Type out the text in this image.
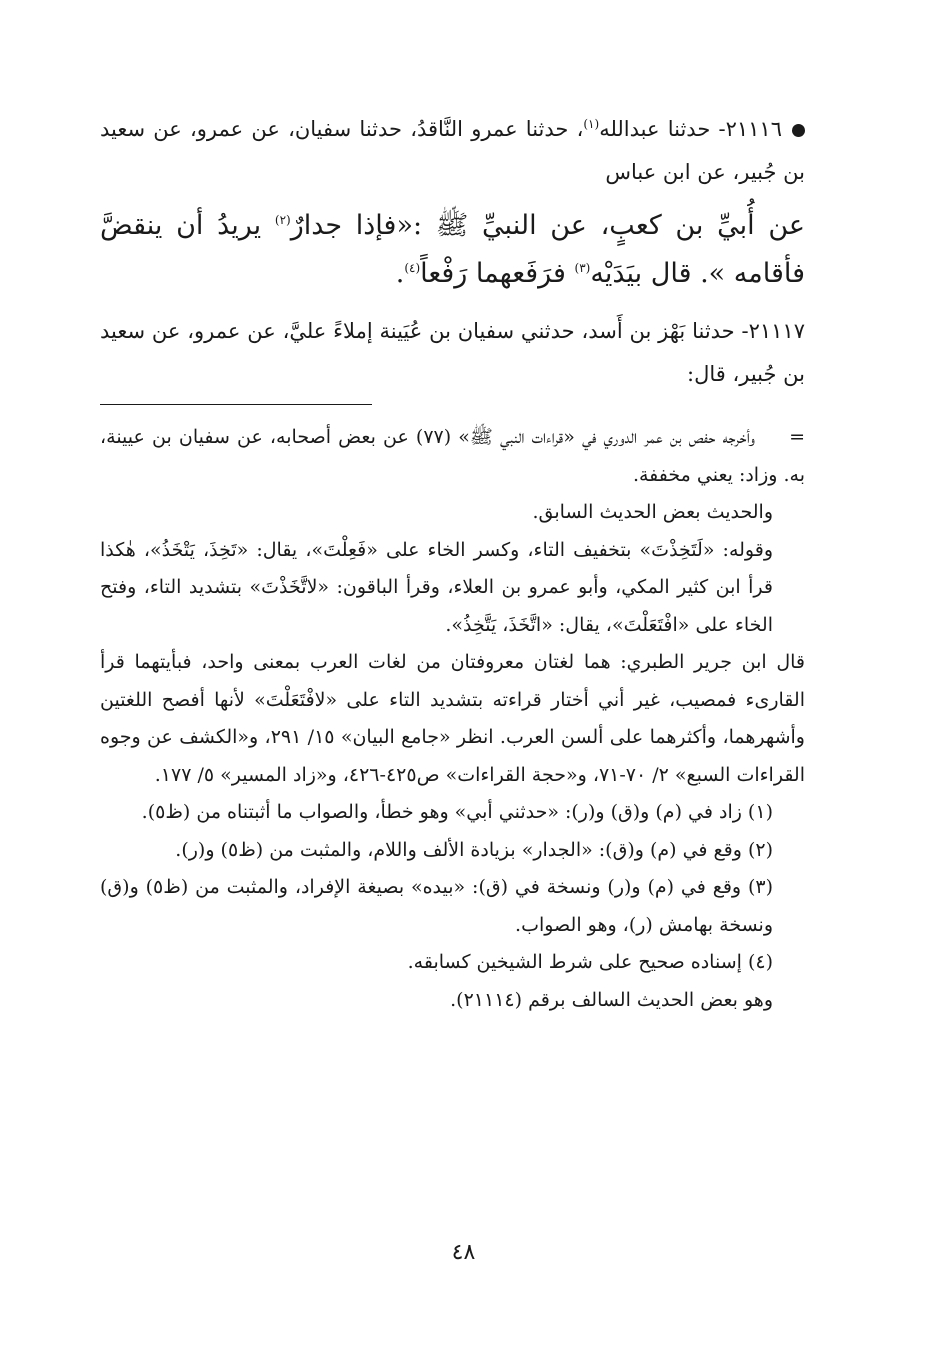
٢١١١٦- حدثنا عبدالله$^{(١)}$، حدثنا عمرو النَّاقدُ، حدثنا سفيان، عن عمرو، عن سعيد بن جُبير، عن ابن عباس

عن أُبيِّ بن كعبٍ، عن النبيِّ ﷺ :«فإذا جدارٌ$^{(٢)}$ يريدُ أن ينقضَّ فأقامه ». قال بيَدَيْه$^{(٣)}$ فرَفَعهما رَفْعاً$^{(٤)}$.

٢١١١٧- حدثنا بَهْز بن أَسد، حدثني سفيان بن عُيَينة إملاءً عليَّ، عن عمرو، عن سعيد بن جُبير، قال:

=وأخرجه حفص بن عمر الدوري في «قراءات النبي ﷺ» (٧٧) عن بعض أصحابه، عن سفيان بن عيينة، به. وزاد: يعني مخففة.

والحديث بعض الحديث السابق.

وقوله: «لَتَخِذْتَ» بتخفيف التاء، وكسر الخاء على «فَعِلْتَ»، يقال: «تَخِذَ، يَتْخَذُ»، هٰكذا قرأ ابن كثير المكي، وأبو عمرو بن العلاء، وقرأ الباقون: «لاتَّخَذْتَ» بتشديد التاء، وفتح الخاء على «افْتَعَلْتَ»، يقال: «اتَّخَذَ، يَتَّخِذُ».

قال ابن جرير الطبري: هما لغتان معروفتان من لغات العرب بمعنى واحد، فبأيتهما قرأ القارىء فمصيب، غير أني أختار قراءته بتشديد التاء على «لافْتَعَلْتَ» لأنها أفصح اللغتين وأشهرهما، وأكثرهما على ألسن العرب. انظر «جامع البيان» ١٥/ ٢٩١، و«الكشف عن وجوه القراءات السبع» ٢/ ٧٠-٧١، و«حجة القراءات» ص٤٢٥-٤٢٦، و«زاد المسير» ٥/ ١٧٧.

(١) زاد في (م) و(ق) و(ر): «حدثني أبي» وهو خطأ، والصواب ما أثبتناه من (ظ٥).

(٢) وقع في (م) و(ق): «الجدار» بزيادة الألف واللام، والمثبت من (ظ٥) و(ر).

(٣) وقع في (م) و(ر) ونسخة في (ق): «بيده» بصيغة الإفراد، والمثبت من (ظ٥) و(ق) ونسخة بهامش (ر)، وهو الصواب.

(٤) إسناده صحيح على شرط الشيخين كسابقه.

وهو بعض الحديث السالف برقم (٢١١١٤).

٤٨
